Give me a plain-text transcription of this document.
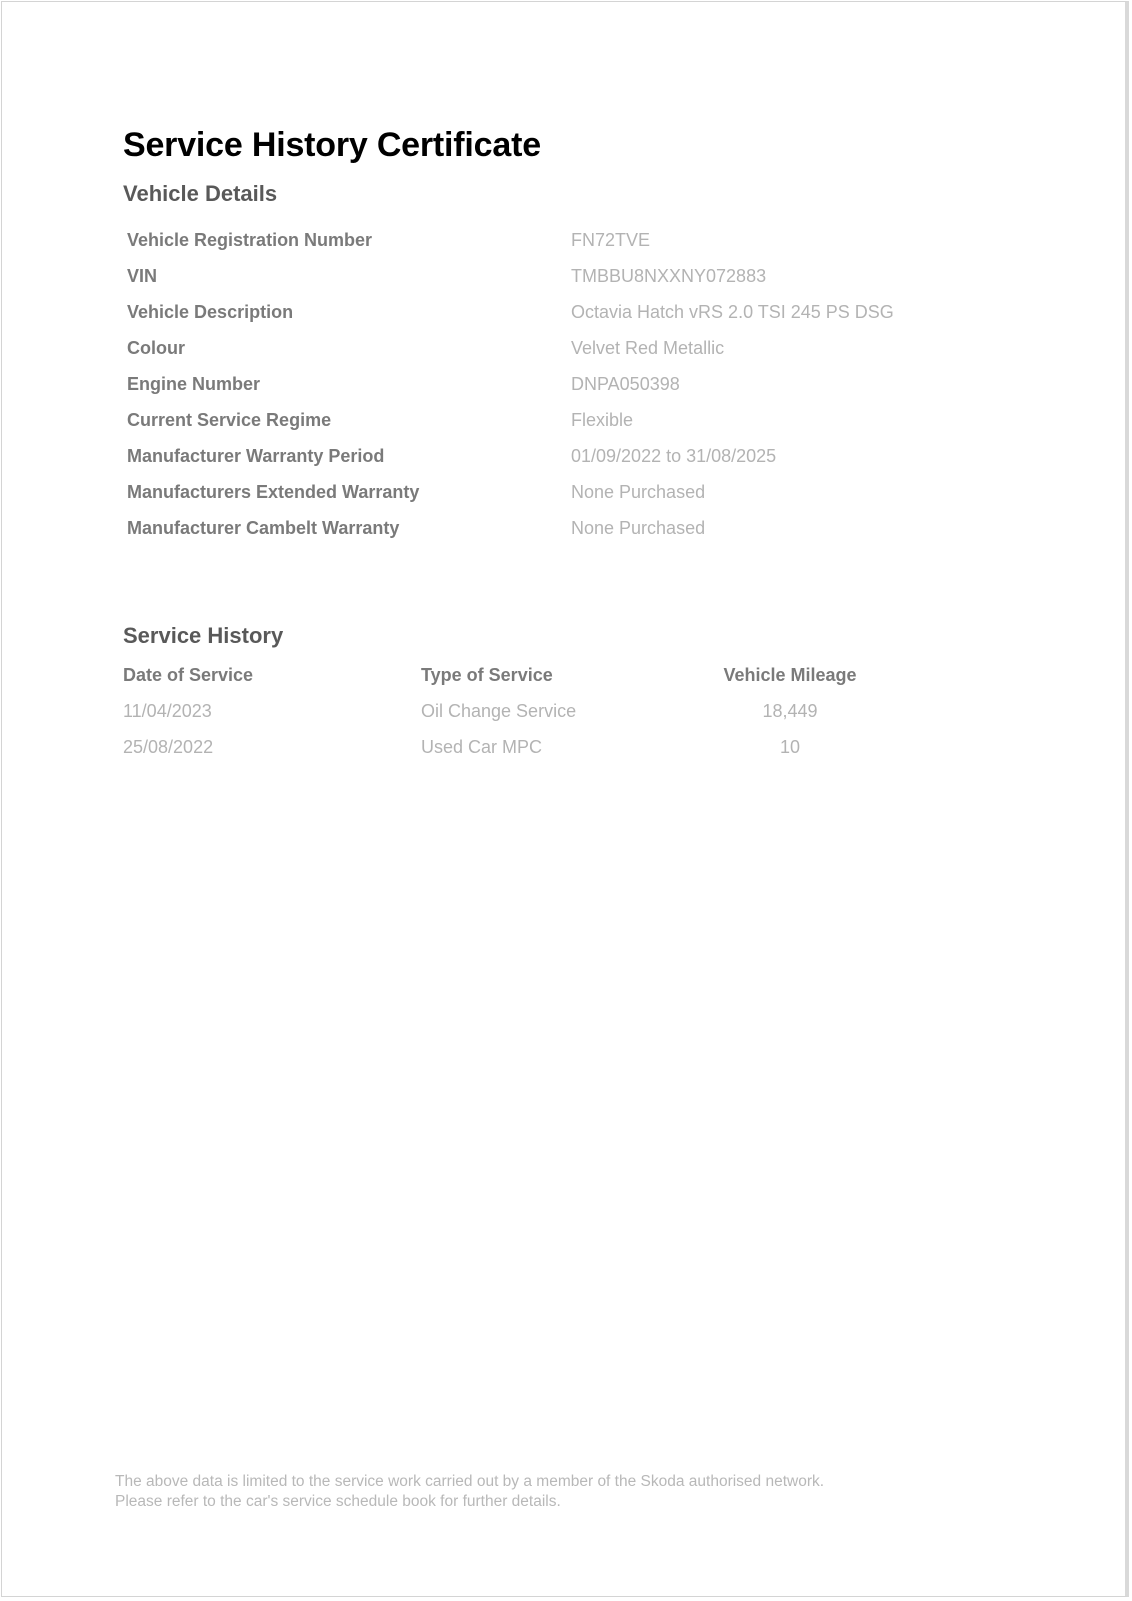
Service History Certificate
Vehicle Details
Vehicle Registration Number	FN72TVE
VIN	TMBBU8NXXNY072883
Vehicle Description	Octavia Hatch vRS 2.0 TSI 245 PS DSG
Colour	Velvet Red Metallic
Engine Number	DNPA050398
Current Service Regime	Flexible
Manufacturer Warranty Period	01/09/2022 to 31/08/2025
Manufacturers Extended Warranty	None Purchased
Manufacturer Cambelt Warranty	None Purchased
Service History
Date of Service	Type of Service	Vehicle Mileage
11/04/2023	Oil Change Service	18,449
25/08/2022	Used Car MPC	10

The above data is limited to the service work carried out by a member of the Skoda authorised network.

Please refer to the car's service schedule book for further details.
